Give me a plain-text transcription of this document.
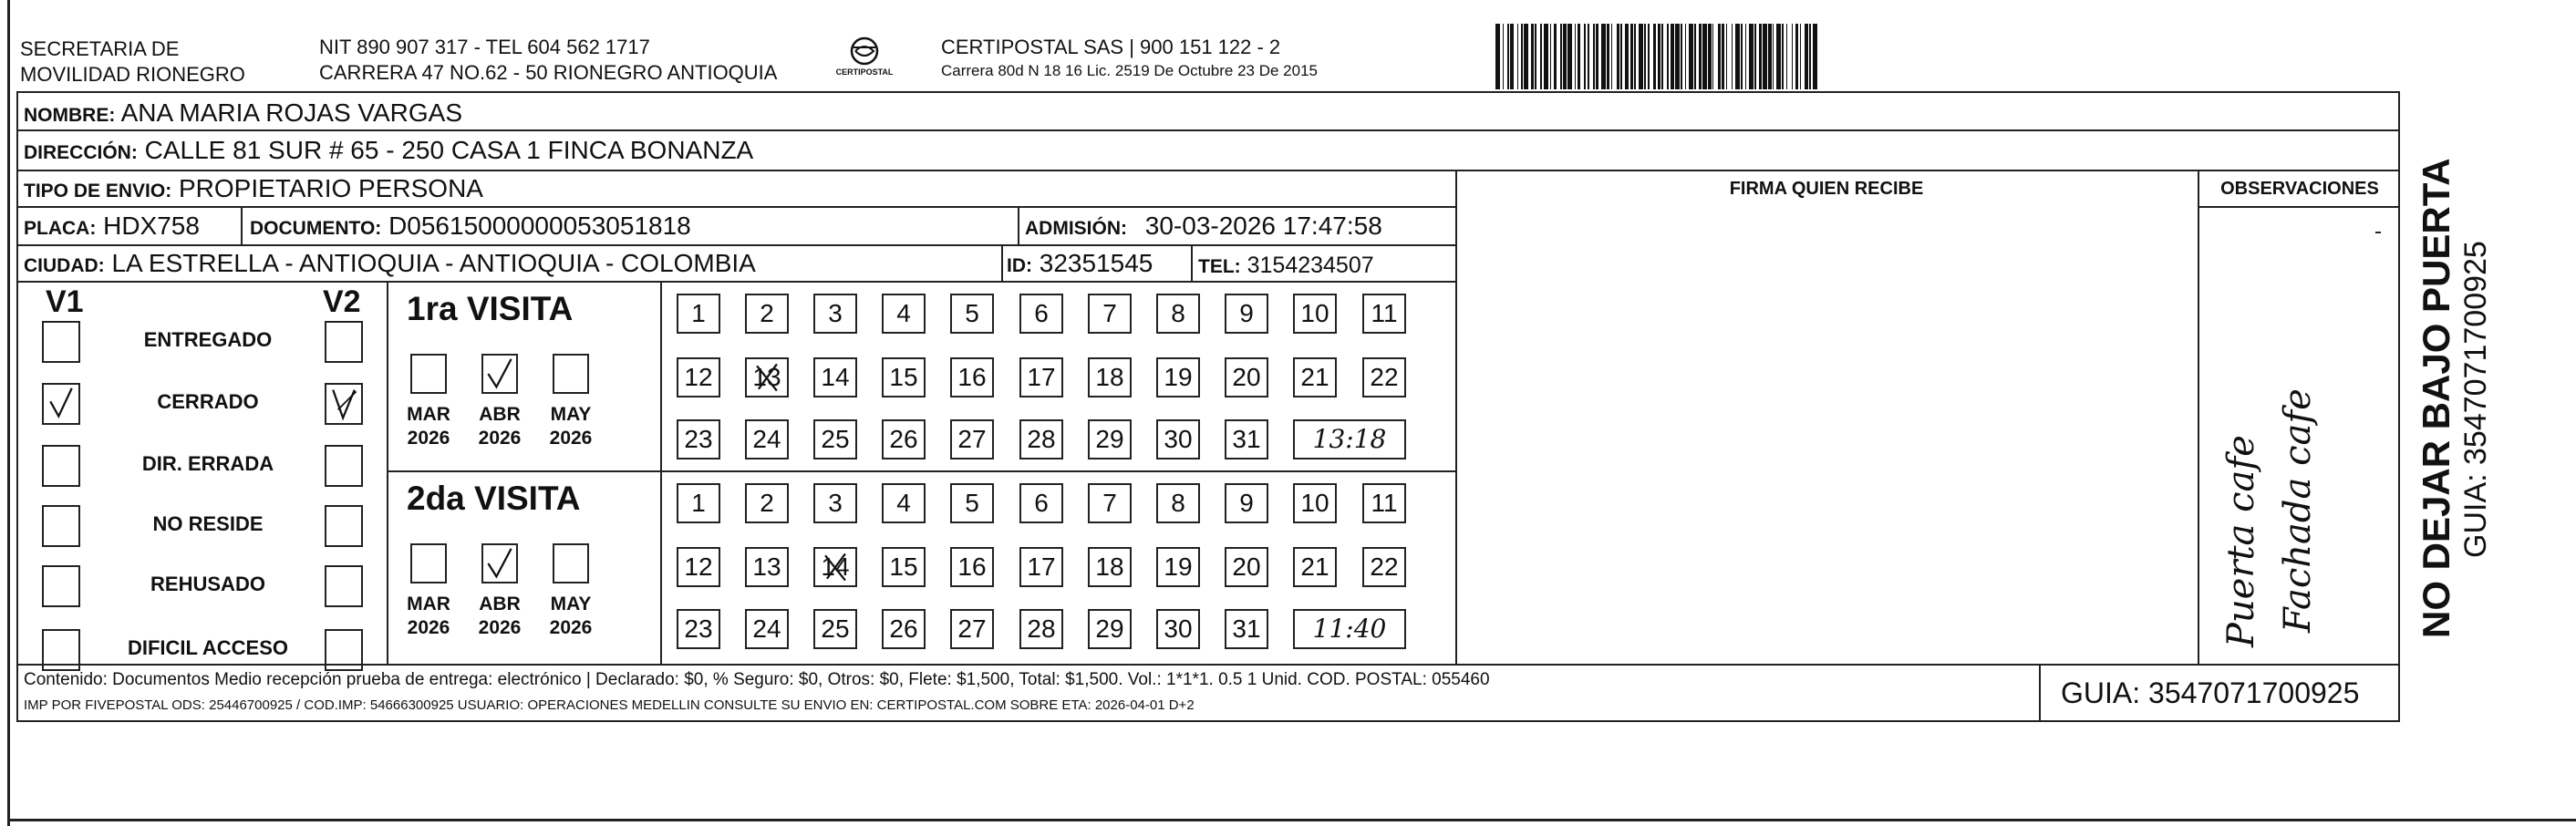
SECRETARIA DE
MOVILIDAD RIONEGRO
NIT 890 907 317 - TEL 604 562 1717
CARRERA 47 NO.62 - 50 RIONEGRO ANTIOQUIA	CERTIPOSTAL
CERTIPOSTAL SAS | 900 151 122 - 2
Carrera 80d N 18 16 Lic. 2519 De Octubre 23 De 2015
NOMBRE: ANA MARIA ROJAS VARGAS
DIRECCIÓN: CALLE 81 SUR # 65 - 250 CASA 1 FINCA BONANZA
TIPO DE ENVIO: PROPIETARIO PERSONA
PLACA: HDX758	DOCUMENTO: D05615000000053051818	ADMISIÓN: 30-03-2026 17:47:58
CIUDAD: LA ESTRELLA - ANTIOQUIA - ANTIOQUIA - COLOMBIA	ID: 32351545 TEL: 3154234507
FIRMA QUIEN RECIBE	OBSERVACIONES
V1	V2
ENTREGADO
CERRADO
DIR. ERRADA
NO RESIDE
REHUSADO
DIFICIL ACCESO
1ra VISITA
MAR
2026
ABR
2026
MAY
2026
1	2	3	4	5	6	7	8	9	10	11
12	13	14	15	16	17	18	19	20	21	22
23	24	25	26	27	28	29	30	31	13:18
2da VISITA
MAR
2026
ABR
2026
MAY
2026
1	2	3	4	5	6	7	8	9	10	11
12	13	14	15	16	17	18	19	20	21	22
23	24	25	26	27	28	29	30	31	11:40	Puerta cafe Fachada cafe
Contenido: Documentos Medio recepción prueba de entrega: electrónico | Declarado: $0, % Seguro: $0, Otros: $0, Flete: $1,500, Total: $1,500. Vol.: 1*1*1. 0.5 1 Unid. COD. POSTAL: 055460
IMP POR FIVEPOSTAL ODS: 25446700925 / COD.IMP: 54666300925 USUARIO: OPERACIONES MEDELLIN CONSULTE SU ENVIO EN: CERTIPOSTAL.COM SOBRE ETA: 2026-04-01 D+2	GUIA: 3547071700925
NO DEJAR BAJO PUERTA GUIA: 3547071700925
